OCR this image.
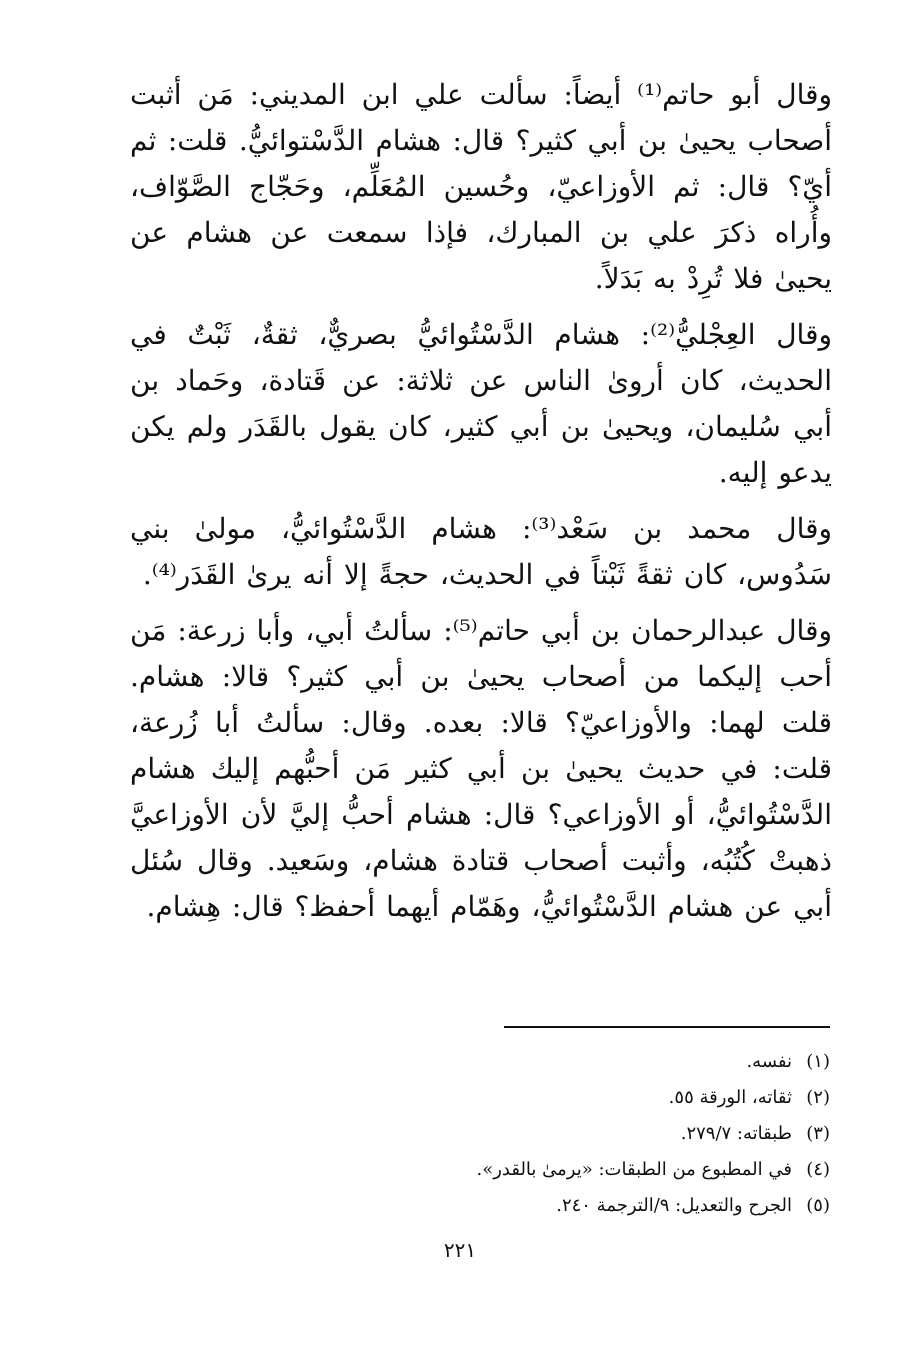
وقال أبو حاتم⁽¹⁾ أيضاً: سألت علي ابن المديني: مَن أثبت أصحاب يحيىٰ بن أبي كثير؟ قال: هشام الدَّسْتوائيُّ. قلت: ثم أيّ؟ قال: ثم الأوزاعيّ، وحُسين المُعَلِّم، وحَجّاج الصَّوّاف، وأُراه ذكرَ علي بن المبارك، فإذا سمعت عن هشام عن يحيىٰ فلا تُرِدْ به بَدَلاً.

وقال العِجْليُّ⁽²⁾: هشام الدَّسْتُوائيُّ بصريٌّ، ثقةٌ، ثَبْتٌ في الحديث، كان أروىٰ الناس عن ثلاثة: عن قَتادة، وحَماد بن أبي سُليمان، ويحيىٰ بن أبي كثير، كان يقول بالقَدَر ولم يكن يدعو إليه.

وقال محمد بن سَعْد⁽³⁾: هشام الدَّسْتُوائيُّ، مولىٰ بني سَدُوس، كان ثقةً ثَبْتاً في الحديث، حجةً إلا أنه يرىٰ القَدَر⁽⁴⁾.

وقال عبدالرحمان بن أبي حاتم⁽⁵⁾: سألتُ أبي، وأبا زرعة: مَن أحب إليكما من أصحاب يحيىٰ بن أبي كثير؟ قالا: هشام. قلت لهما: والأوزاعيّ؟ قالا: بعده. وقال: سألتُ أبا زُرعة، قلت: في حديث يحيىٰ بن أبي كثير مَن أحبُّهم إليك هشام الدَّسْتُوائيُّ، أو الأوزاعي؟ قال: هشام أحبُّ إليَّ لأن الأوزاعيَّ ذهبتْ كُتُبُه، وأثبت أصحاب قتادة هشام، وسَعيد. وقال سُئل أبي عن هشام الدَّسْتُوائيُّ، وهَمّام أيهما أحفظ؟ قال: هِشام.

(١)
نفسه.
(٢)
ثقاته، الورقة ٥٥.
(٣)
طبقاته: ٢٧٩/٧.
(٤)
في المطبوع من الطبقات: «يرمىٰ بالقدر».
(٥)
الجرح والتعديل: ٩/الترجمة ٢٤٠.
٢٢١
